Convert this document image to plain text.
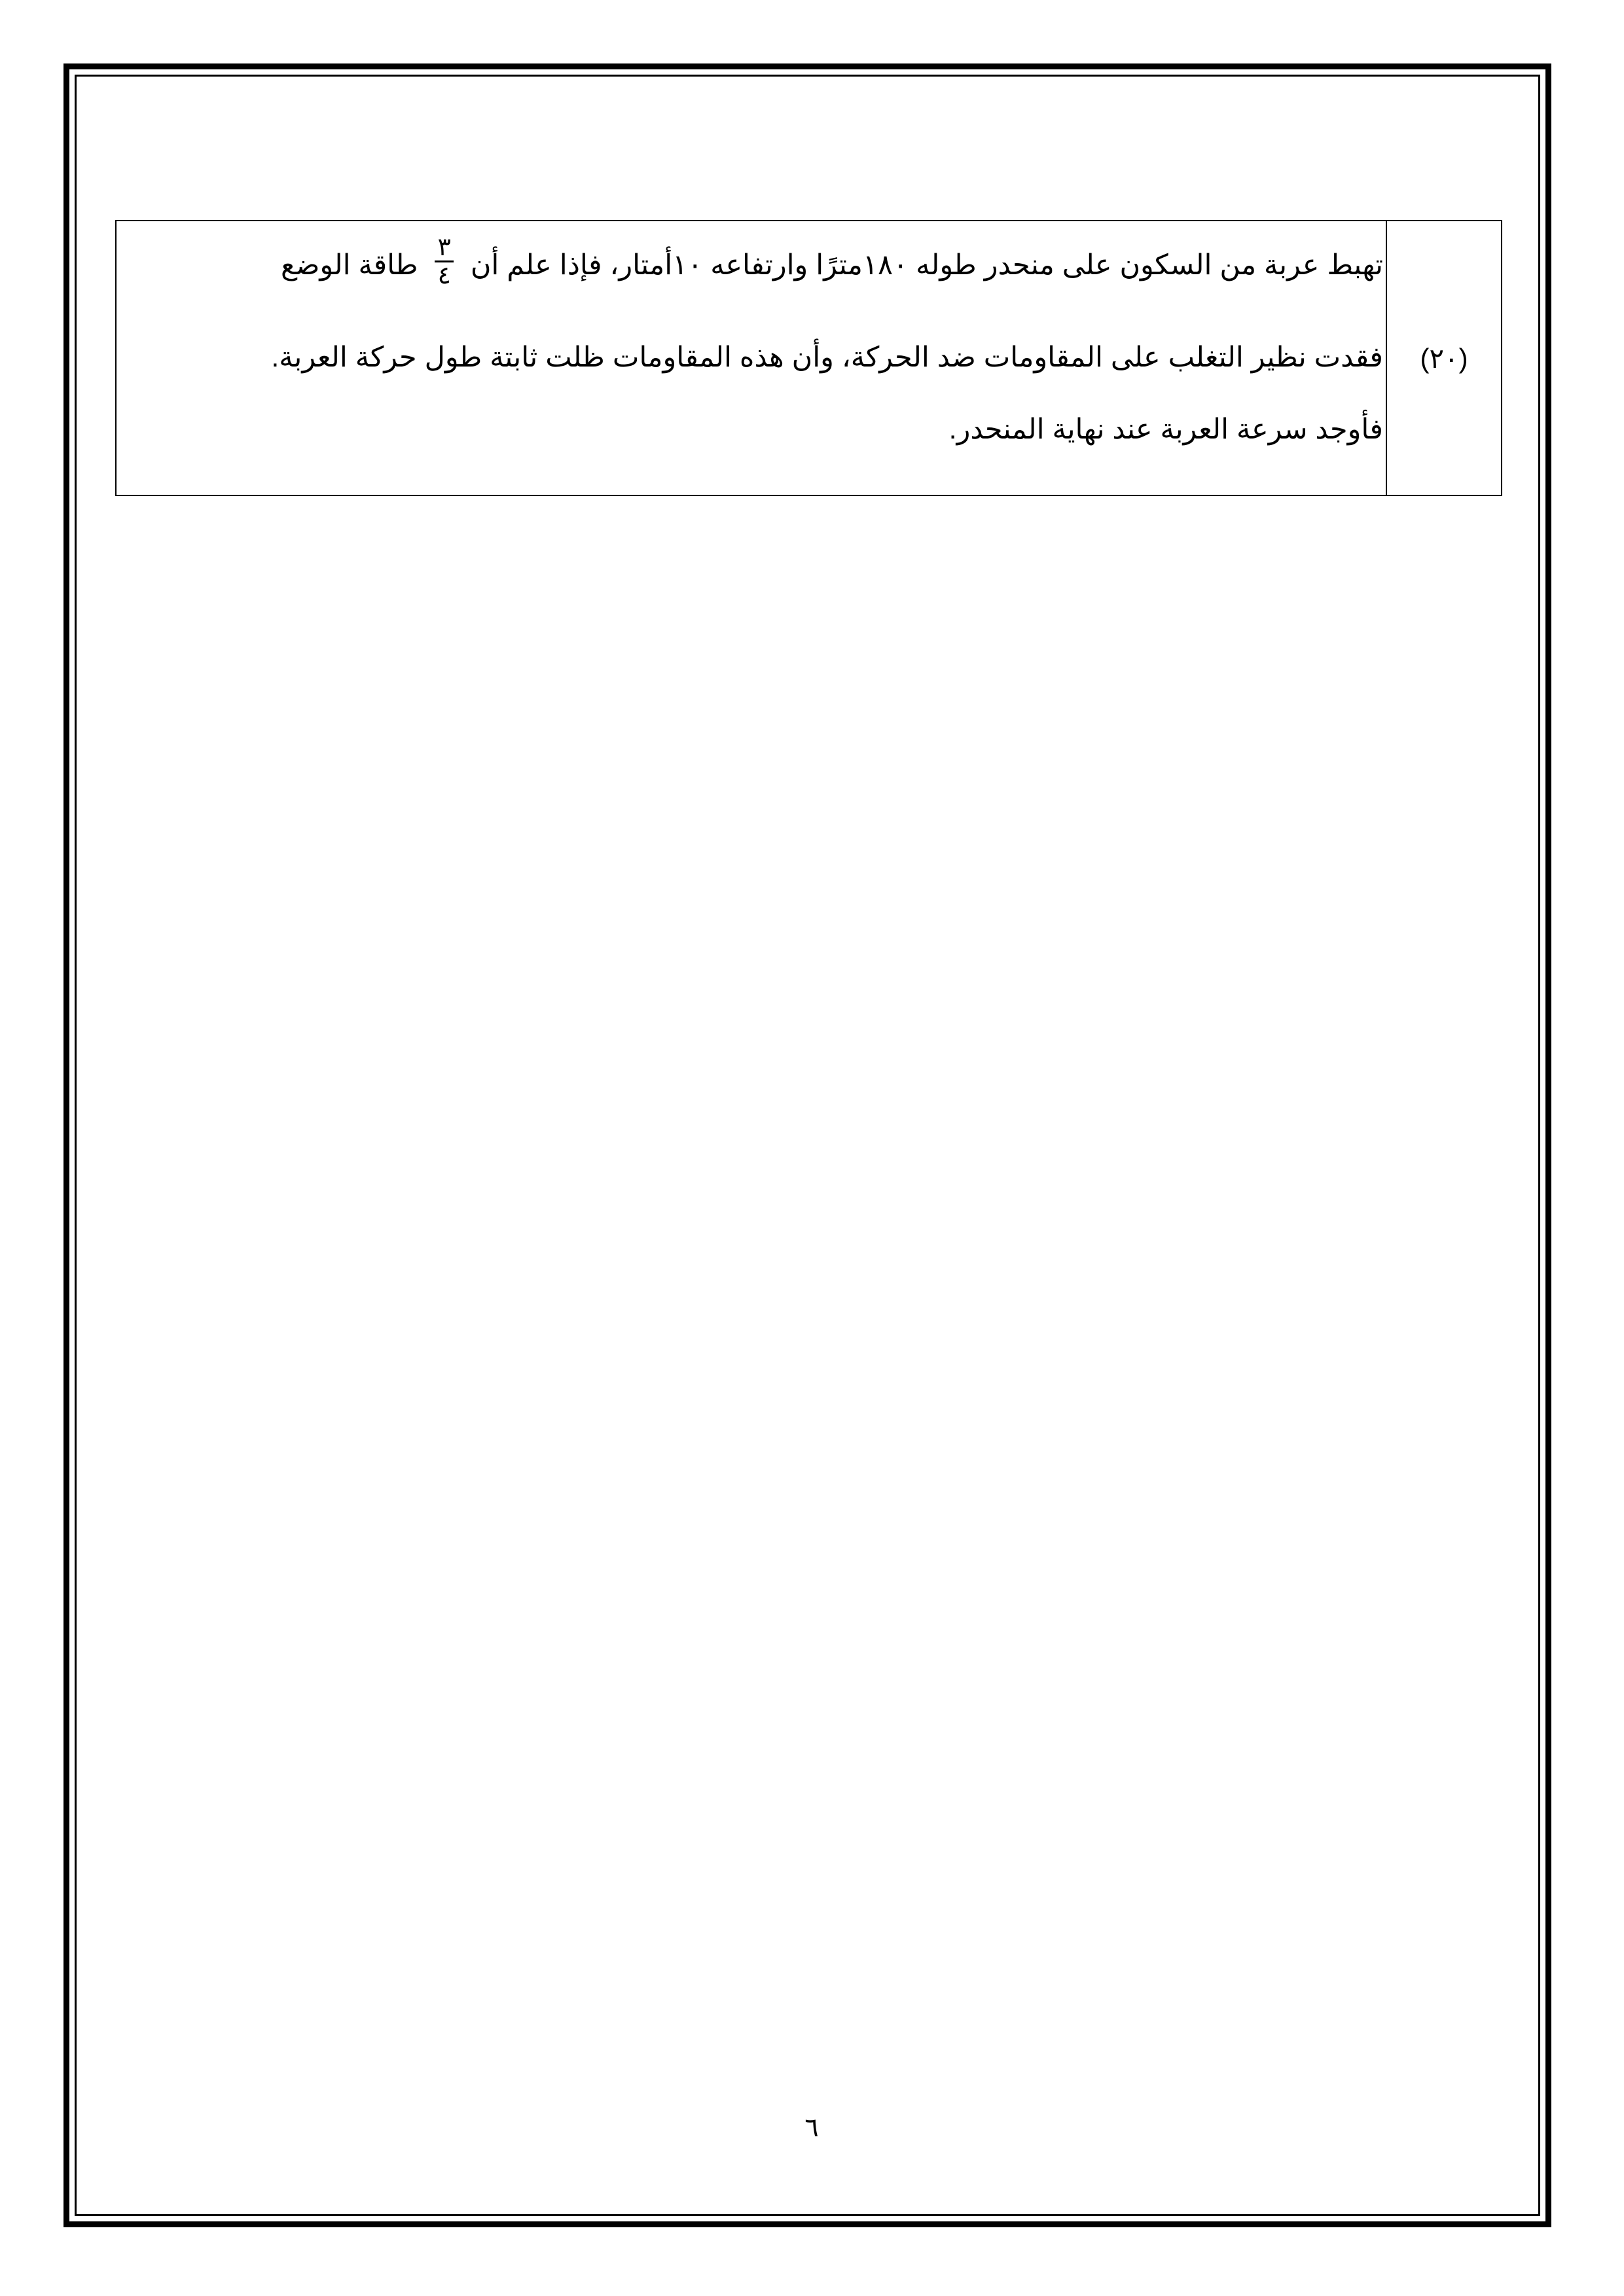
(٢٠)
تهبط عربة من السكون على منحدر طوله ١٨٠مترًا وارتفاعه ١٠أمتار، فإذا علم أن
$\frac{٣}{٤}$
طاقة الوضع
فقدت نظير التغلب على المقاومات ضد الحركة، وأن هذه المقاومات ظلت ثابتة طول حركة العربة.
فأوجد سرعة العربة عند نهاية المنحدر.
٦
